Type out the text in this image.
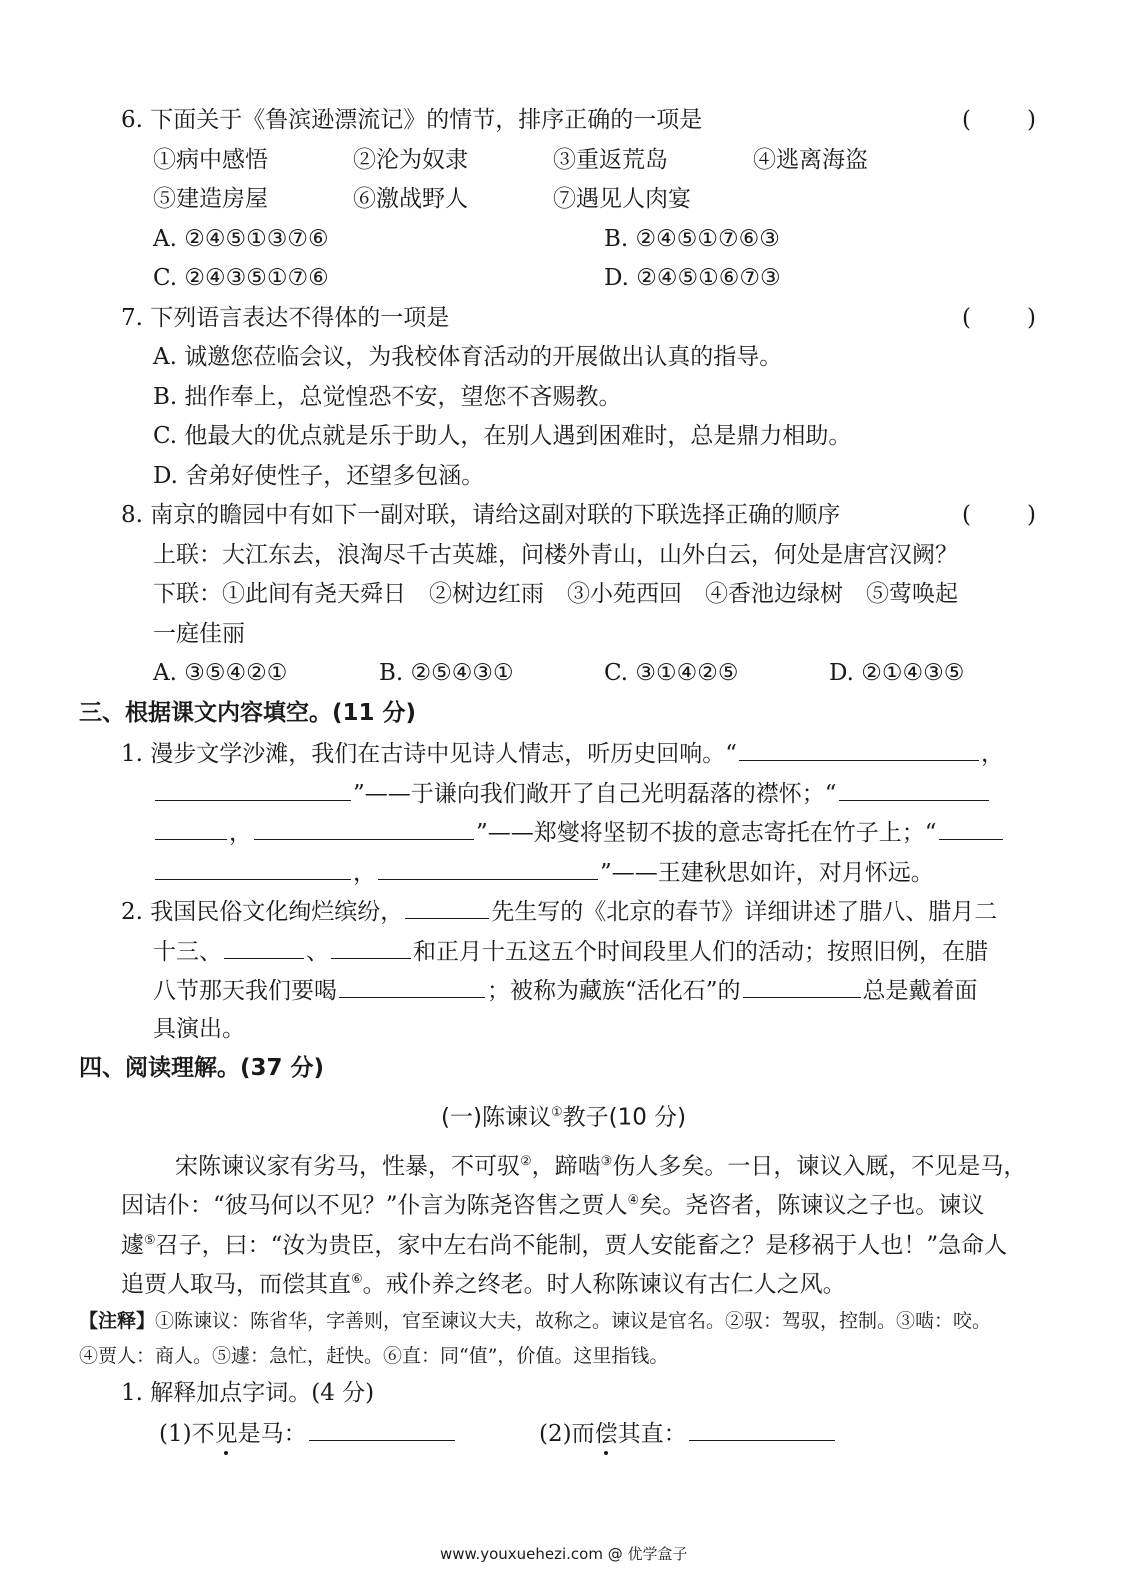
6. 下面关于《鲁滨逊漂流记》的情节，排序正确的一项是	( )
①病中感悟	②沦为奴隶	③重返荒岛	④逃离海盗
⑤建造房屋	⑥激战野人	⑦遇见人肉宴
A. ②④⑤①③⑦⑥	B. ②④⑤①⑦⑥③
C. ②④③⑤①⑦⑥	D. ②④⑤①⑥⑦③
7. 下列语言表达不得体的一项是	( )
A. 诚邀您莅临会议，为我校体育活动的开展做出认真的指导。
B. 拙作奉上，总觉惶恐不安，望您不吝赐教。
C. 他最大的优点就是乐于助人，在别人遇到困难时，总是鼎力相助。
D. 舍弟好使性子，还望多包涵。
8. 南京的瞻园中有如下一副对联，请给这副对联的下联选择正确的顺序	( )
上联：大江东去，浪淘尽千古英雄，问楼外青山，山外白云，何处是唐宫汉阙？
下联：①此间有尧天舜日　②树边红雨　③小苑西回　④香池边绿树　⑤莺唤起
一庭佳丽
A. ③⑤④②①	B. ②⑤④③①	C. ③①④②⑤	D. ②①④③⑤
三、根据课文内容填空。(11 分)
1. 漫步文学沙滩，我们在古诗中见诗人情志，听历史回响。“	，
”——于谦向我们敞开了自己光明磊落的襟怀；“
，	”——郑燮将坚韧不拔的意志寄托在竹子上；“
，	”——王建秋思如许，对月怀远。
2. 我国民俗文化绚烂缤纷，	先生写的《北京的春节》详细讲述了腊八、腊月二
十三、	、	和正月十五这五个时间段里人们的活动；按照旧例，在腊
八节那天我们要喝	；被称为藏族“活化石”的	总是戴着面
具演出。
四、阅读理解。(37 分)
(一)陈谏议①教子(10 分)
宋陈谏议家有劣马，性暴，不可驭②，蹄啮③伤人多矣。一日，谏议入厩，不见是马，
因诘仆：“彼马何以不见？”仆言为陈尧咨售之贾人④矣。尧咨者，陈谏议之子也。谏议
遽⑤召子，曰：“汝为贵臣，家中左右尚不能制，贾人安能畜之？是移祸于人也！”急命人
追贾人取马，而偿其直⑥。戒仆养之终老。时人称陈谏议有古仁人之风。
【注释】①陈谏议：陈省华，字善则，官至谏议大夫，故称之。谏议是官名。②驭：驾驭，控制。③啮：咬。
④贾人：商人。⑤遽：急忙，赶快。⑥直：同“值”，价值。这里指钱。
1. 解释加点字词。(4 分)
(1)不见是马：	(2)而偿其直：
www.youxuehezi.com @ 优学盒子
